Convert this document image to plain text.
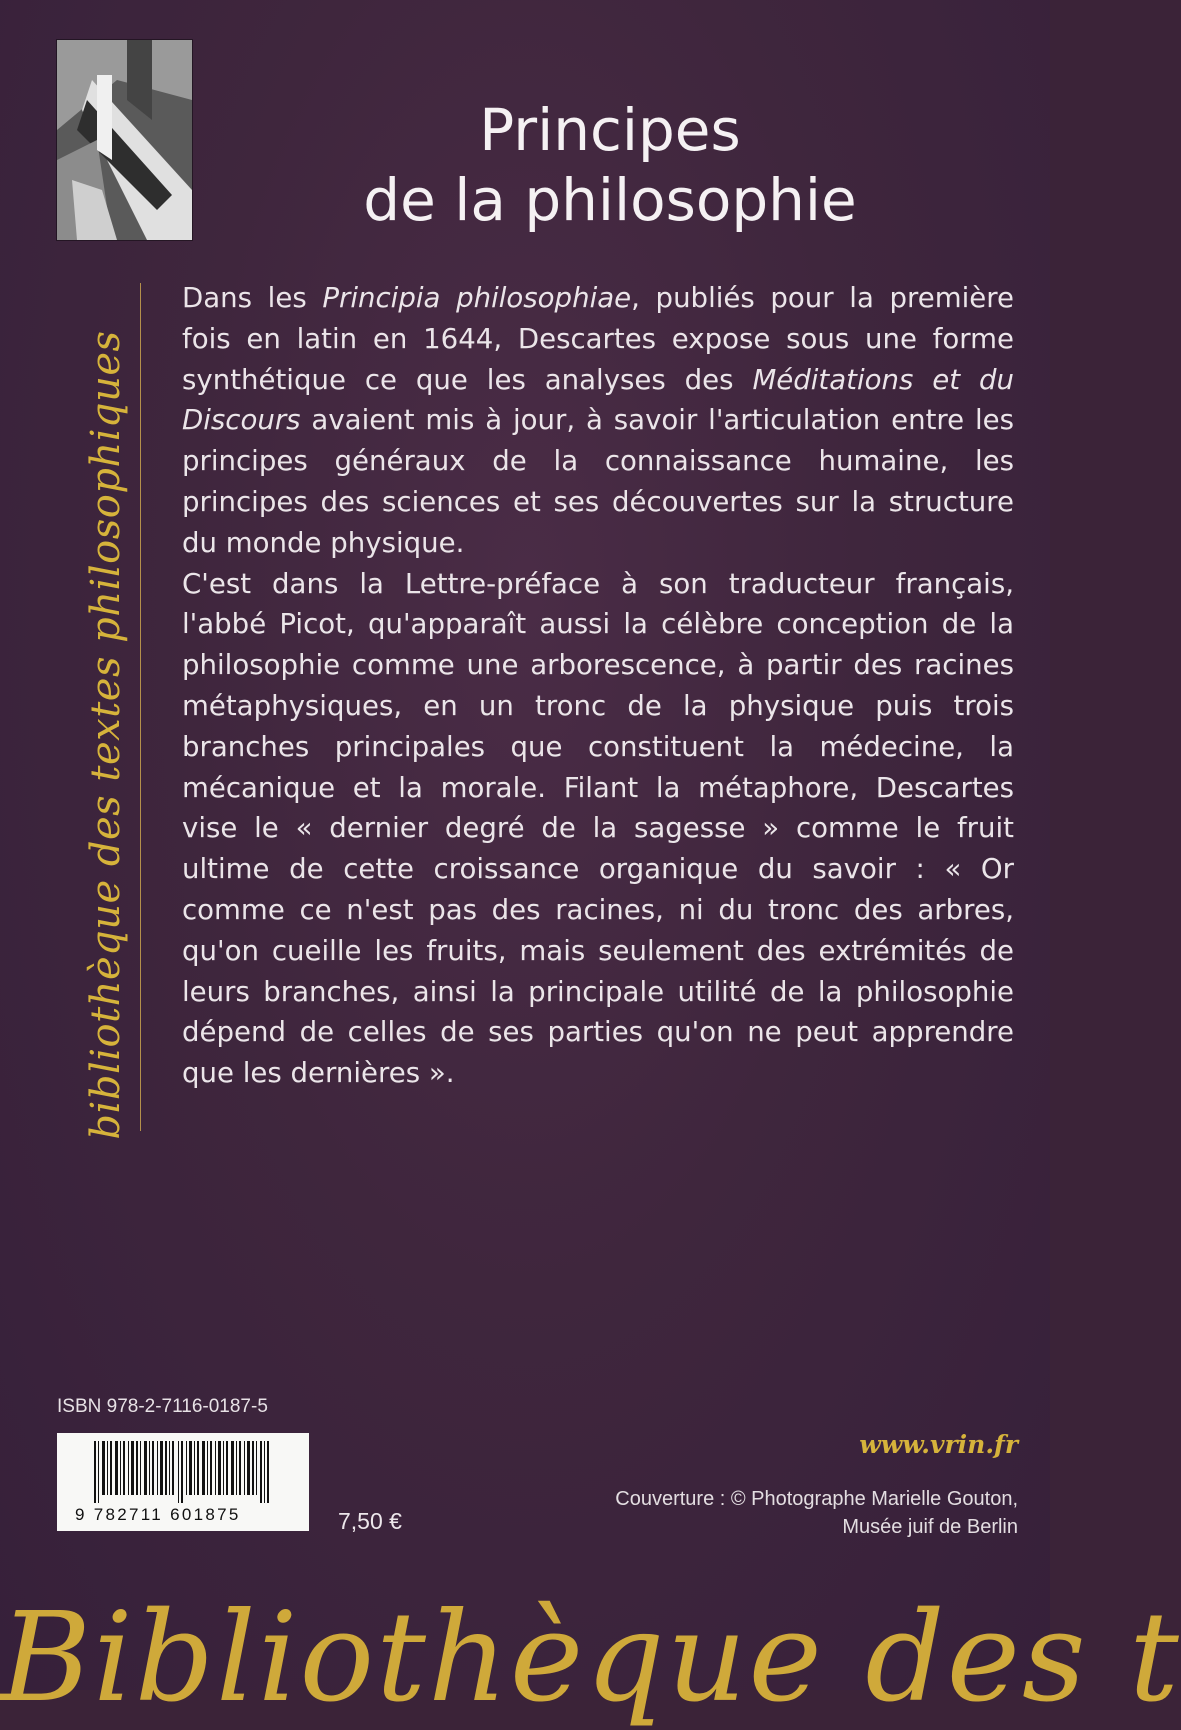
Principes
de la philosophie
bibliothèque des textes philosophiques

Dans les Principia philosophiae, publiés pour la première fois en latin en 1644, Descartes expose sous une forme synthétique ce que les analyses des Méditations et du Discours avaient mis à jour, à savoir l'articulation entre les principes généraux de la connaissance humaine, les principes des sciences et ses découvertes sur la structure du monde physique.

C'est dans la Lettre-préface à son traducteur français, l'abbé Picot, qu'apparaît aussi la célèbre conception de la philosophie comme une arborescence, à partir des racines métaphysiques, en un tronc de la physique puis trois branches principales que constituent la médecine, la mécanique et la morale. Filant la métaphore, Descartes vise le « dernier degré de la sagesse » comme le fruit ultime de cette croissance organique du savoir : « Or comme ce n'est pas des racines, ni du tronc des arbres, qu'on cueille les fruits, mais seulement des extrémités de leurs branches, ainsi la principale utilité de la philosophie dépend de celles de ses parties qu'on ne peut apprendre que les dernières ».

ISBN 978-2-7116-0187-5
9 782711 601875	7,50 €
www.vrin.fr
Couverture : © Photographe Marielle Gouton,
Musée juif de Berlin
Bibliothèque des t
